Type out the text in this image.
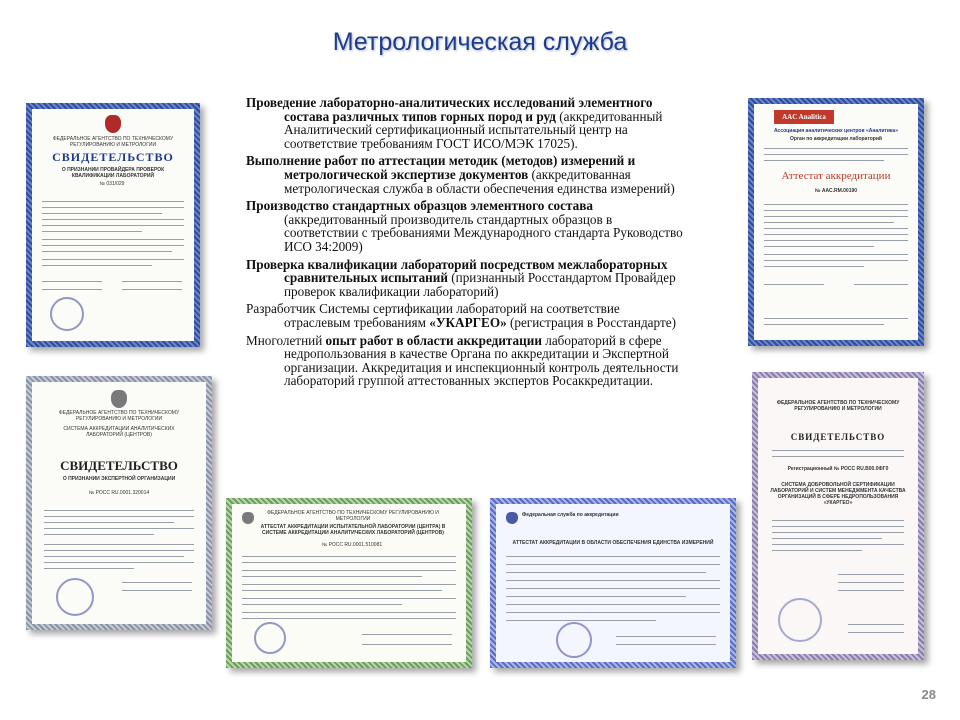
Метрологическая служба

Проведение лабораторно-аналитических исследований элементного состава различных типов горных пород и руд (аккредитованный Аналитический сертификационный испытательный центр на соответствие требованиям ГОСТ ИСО/МЭК 17025).

Выполнение работ по аттестации методик (методов) измерений и метрологической экспертизе документов (аккредитованная метрологическая служба в области обеспечения единства измерений)

Производство стандартных образцов элементного состава (аккредитованный производитель стандартных образцов в соответствии с требованиями Международного стандарта Руководство ИСО 34:2009)

Проверка квалификации лабораторий посредством межлабораторных сравнительных испытаний (признанный Росстандартом Провайдер проверок квалификации лабораторий)

Разработчик Системы сертификации лабораторий на соответствие отраслевым требованиям «УКАРГЕО» (регистрация в Росстандарте)

Многолетний опыт работ в области аккредитации лабораторий в сфере недропользования в качестве Органа по аккредитации и Экспертной организации. Аккредитация и инспекционный контроль деятельности лабораторий группой аттестованных экспертов Росаккредитации.

ФЕДЕРАЛЬНОЕ АГЕНТСТВО ПО ТЕХНИЧЕСКОМУ РЕГУЛИРОВАНИЮ И МЕТРОЛОГИИ
СВИДЕТЕЛЬСТВО
О ПРИЗНАНИИ ПРОВАЙДЕРА ПРОВЕРОК КВАЛИФИКАЦИИ ЛАБОРАТОРИЙ
№ 031/029
ФЕДЕРАЛЬНОЕ АГЕНТСТВО ПО ТЕХНИЧЕСКОМУ РЕГУЛИРОВАНИЮ И МЕТРОЛОГИИ
СИСТЕМА АККРЕДИТАЦИИ АНАЛИТИЧЕСКИХ ЛАБОРАТОРИЙ (ЦЕНТРОВ)
СВИДЕТЕЛЬСТВО
О ПРИЗНАНИИ ЭКСПЕРТНОЙ ОРГАНИЗАЦИИ
№ РОСС RU.0001.320014
ФЕДЕРАЛЬНОЕ АГЕНТСТВО ПО ТЕХНИЧЕСКОМУ РЕГУЛИРОВАНИЮ И МЕТРОЛОГИИ
АТТЕСТАТ АККРЕДИТАЦИИ ИСПЫТАТЕЛЬНОЙ ЛАБОРАТОРИИ (ЦЕНТРА) В СИСТЕМЕ АККРЕДИТАЦИИ АНАЛИТИЧЕСКИХ ЛАБОРАТОРИЙ (ЦЕНТРОВ)
№ РОСС RU.0001.510081
Федеральная служба по аккредитации
АТТЕСТАТ АККРЕДИТАЦИИ В ОБЛАСТИ ОБЕСПЕЧЕНИЯ ЕДИНСТВА ИЗМЕРЕНИЙ
AAC Analitica
Ассоциация аналитических центров «Аналитика»
Орган по аккредитации лабораторий
Аттестат аккредитации
№ ААС.RМ.00190
ФЕДЕРАЛЬНОЕ АГЕНТСТВО ПО ТЕХНИЧЕСКОМУ РЕГУЛИРОВАНИЮ И МЕТРОЛОГИИ
СВИДЕТЕЛЬСТВО
Регистрационный № РОСС RU.В00.0ФГ0
СИСТЕМА ДОБРОВОЛЬНОЙ СЕРТИФИКАЦИИ ЛАБОРАТОРИЙ И СИСТЕМ МЕНЕДЖМЕНТА КАЧЕСТВА ОРГАНИЗАЦИЙ В СФЕРЕ НЕДРОПОЛЬЗОВАНИЯ «УКАРГЕО»
28
